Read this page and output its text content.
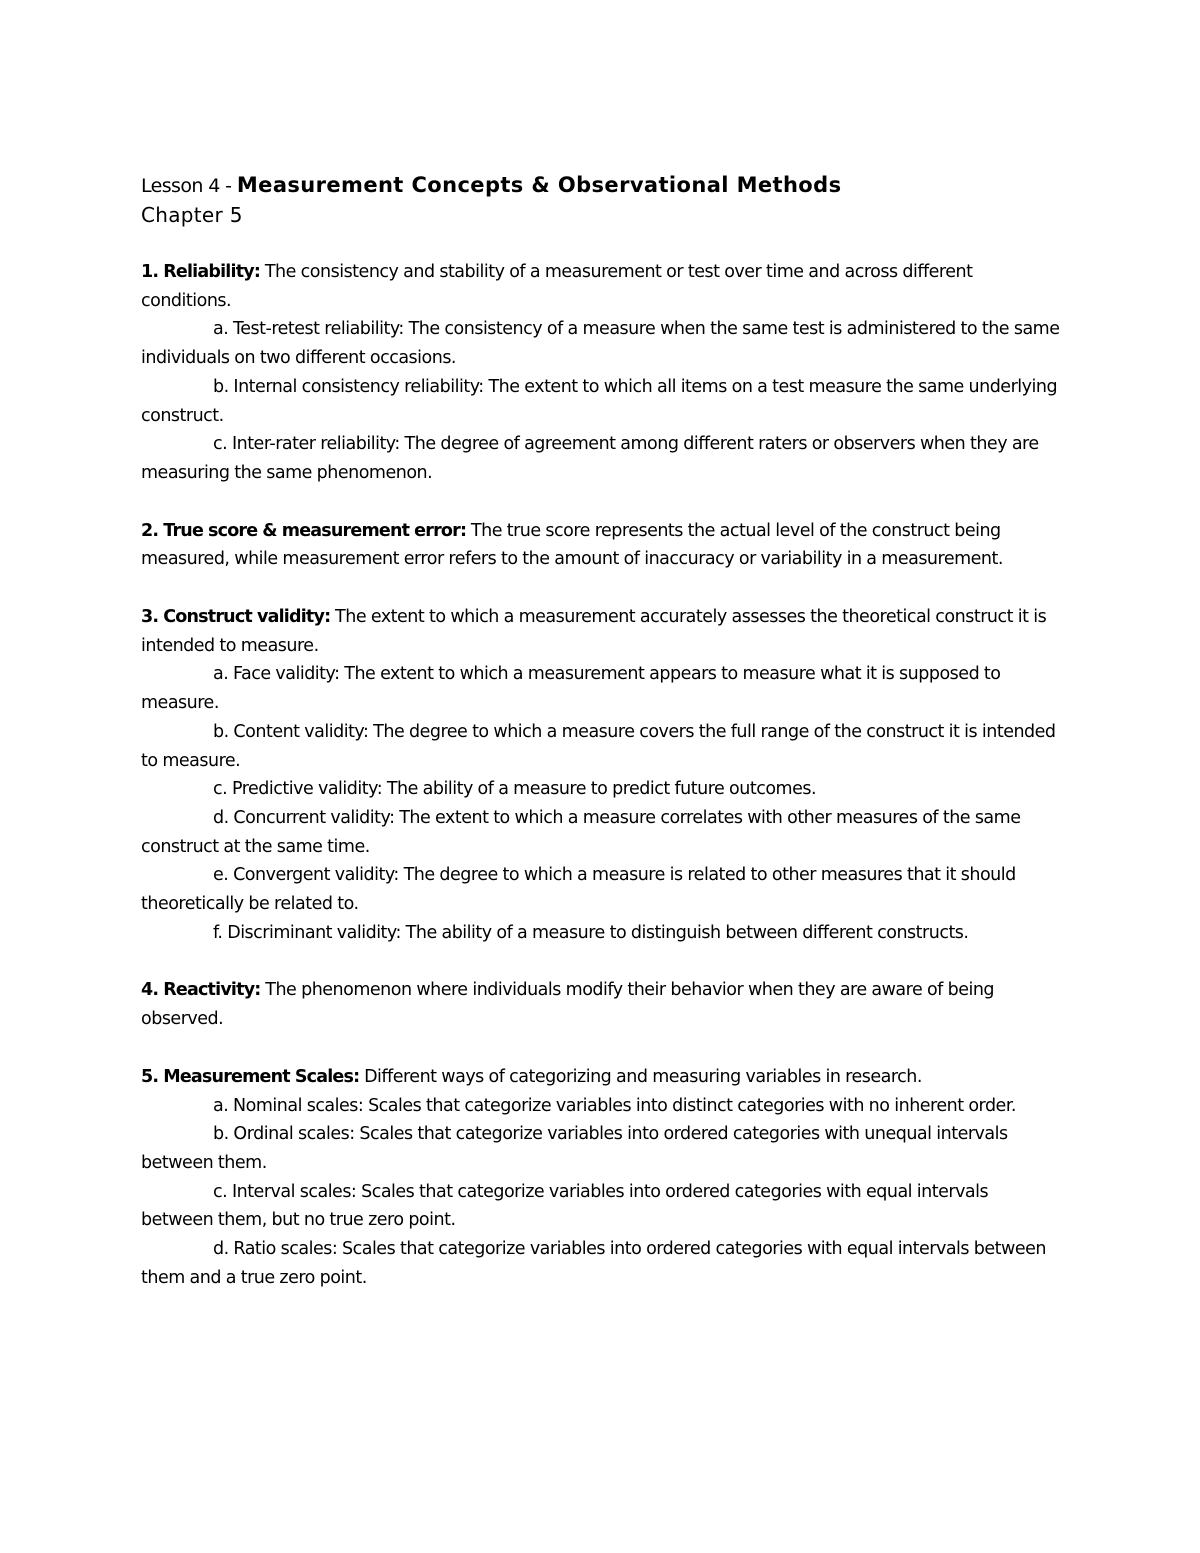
Lesson 4 - Measurement Concepts & Observational Methods

Chapter 5

1. Reliability: The consistency and stability of a measurement or test over time and across different conditions.

a. Test-retest reliability: The consistency of a measure when the same test is administered to the same individuals on two different occasions.

b. Internal consistency reliability: The extent to which all items on a test measure the same underlying construct.

c. Inter-rater reliability: The degree of agreement among different raters or observers when they are measuring the same phenomenon.

2. True score & measurement error: The true score represents the actual level of the construct being measured, while measurement error refers to the amount of inaccuracy or variability in a measurement.

3. Construct validity: The extent to which a measurement accurately assesses the theoretical construct it is intended to measure.

a. Face validity: The extent to which a measurement appears to measure what it is supposed to measure.

b. Content validity: The degree to which a measure covers the full range of the construct it is intended to measure.

c. Predictive validity: The ability of a measure to predict future outcomes.

d. Concurrent validity: The extent to which a measure correlates with other measures of the same construct at the same time.

e. Convergent validity: The degree to which a measure is related to other measures that it should theoretically be related to.

f. Discriminant validity: The ability of a measure to distinguish between different constructs.

4. Reactivity: The phenomenon where individuals modify their behavior when they are aware of being observed.

5. Measurement Scales: Different ways of categorizing and measuring variables in research.

a. Nominal scales: Scales that categorize variables into distinct categories with no inherent order.

b. Ordinal scales: Scales that categorize variables into ordered categories with unequal intervals between them.

c. Interval scales: Scales that categorize variables into ordered categories with equal intervals between them, but no true zero point.

d. Ratio scales: Scales that categorize variables into ordered categories with equal intervals between them and a true zero point.
